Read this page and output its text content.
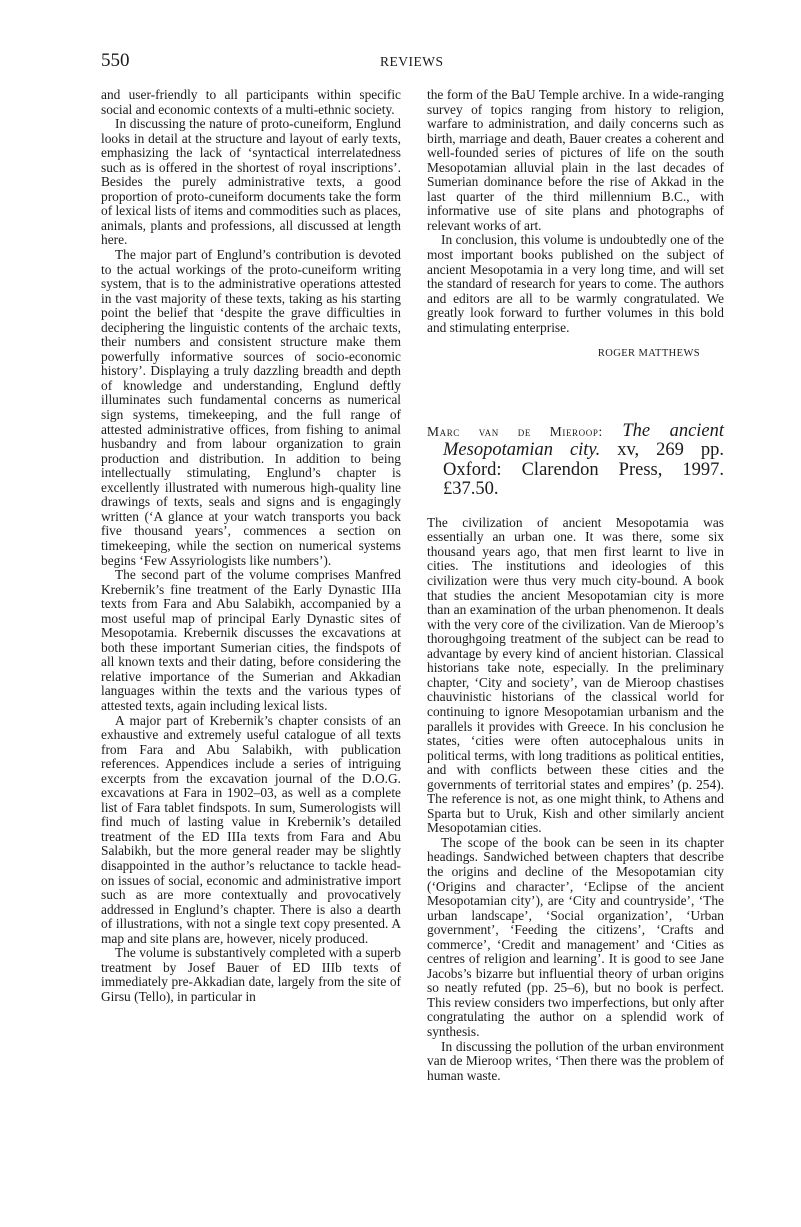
550	REVIEWS

and user-friendly to all participants within specific social and economic contexts of a multi-ethnic society.

In discussing the nature of proto-cuneiform, Englund looks in detail at the structure and layout of early texts, emphasizing the lack of ‘syntactical interrelatedness such as is offered in the shortest of royal inscriptions’. Besides the purely administrative texts, a good proportion of proto-cuneiform documents take the form of lexical lists of items and commodities such as places, animals, plants and professions, all discussed at length here.

The major part of Englund’s contribution is devoted to the actual workings of the proto-cuneiform writing system, that is to the administrative operations attested in the vast majority of these texts, taking as his starting point the belief that ‘despite the grave difficulties in deciphering the linguistic contents of the archaic texts, their numbers and consistent structure make them powerfully informative sources of socio-economic history’. Displaying a truly dazzling breadth and depth of knowledge and understanding, Englund deftly illuminates such fundamental concerns as numerical sign systems, timekeeping, and the full range of attested administrative offices, from fishing to animal husbandry and from labour organization to grain production and distribution. In addition to being intellectually stimulating, Englund’s chapter is excellently illustrated with numerous high-quality line drawings of texts, seals and signs and is engagingly written (‘A glance at your watch transports you back five thousand years’, commences a section on timekeeping, while the section on numerical systems begins ‘Few Assyriologists like numbers’).

The second part of the volume comprises Manfred Krebernik’s fine treatment of the Early Dynastic IIIa texts from Fara and Abu Salabikh, accompanied by a most useful map of principal Early Dynastic sites of Mesopotamia. Krebernik discusses the excavations at both these important Sumerian cities, the findspots of all known texts and their dating, before considering the relative importance of the Sumerian and Akkadian languages within the texts and the various types of attested texts, again including lexical lists.

A major part of Krebernik’s chapter consists of an exhaustive and extremely useful catalogue of all texts from Fara and Abu Salabikh, with publication references. Appendices include a series of intriguing excerpts from the excavation journal of the D.O.G. excavations at Fara in 1902–03, as well as a complete list of Fara tablet findspots. In sum, Sumerologists will find much of lasting value in Krebernik’s detailed treatment of the ED IIIa texts from Fara and Abu Salabikh, but the more general reader may be slightly disappointed in the author’s reluctance to tackle head-on issues of social, economic and administrative import such as are more contextually and provocatively addressed in Englund’s chapter. There is also a dearth of illustrations, with not a single text copy presented. A map and site plans are, however, nicely produced.

The volume is substantively completed with a superb treatment by Josef Bauer of ED IIIb texts of immediately pre-Akkadian date, largely from the site of Girsu (Tello), in particular in

the form of the BaU Temple archive. In a wide-ranging survey of topics ranging from history to religion, warfare to administration, and daily concerns such as birth, marriage and death, Bauer creates a coherent and well-founded series of pictures of life on the south Mesopotamian alluvial plain in the last decades of Sumerian dominance before the rise of Akkad in the last quarter of the third millennium B.C., with informative use of site plans and photographs of relevant works of art.

In conclusion, this volume is undoubtedly one of the most important books published on the subject of ancient Mesopotamia in a very long time, and will set the standard of research for years to come. The authors and editors are all to be warmly congratulated. We greatly look forward to further volumes in this bold and stimulating enterprise.

ROGER MATTHEWS
Marc van de Mieroop: The ancient Mesopotamian city. xv, 269 pp. Oxford: Clarendon Press, 1997. £37.50.

The civilization of ancient Mesopotamia was essentially an urban one. It was there, some six thousand years ago, that men first learnt to live in cities. The institutions and ideologies of this civilization were thus very much city-bound. A book that studies the ancient Mesopotamian city is more than an examination of the urban phenomenon. It deals with the very core of the civilization. Van de Mieroop’s thoroughgoing treatment of the subject can be read to advantage by every kind of ancient historian. Classical historians take note, especially. In the preliminary chapter, ‘City and society’, van de Mieroop chastises chauvinistic historians of the classical world for continuing to ignore Mesopotamian urbanism and the parallels it provides with Greece. In his conclusion he states, ‘cities were often autocephalous units in political terms, with long traditions as political entities, and with conflicts between these cities and the governments of territorial states and empires’ (p. 254). The reference is not, as one might think, to Athens and Sparta but to Uruk, Kish and other similarly ancient Mesopotamian cities.

The scope of the book can be seen in its chapter headings. Sandwiched between chapters that describe the origins and decline of the Mesopotamian city (‘Origins and character’, ‘Eclipse of the ancient Mesopotamian city’), are ‘City and countryside’, ‘The urban landscape’, ‘Social organization’, ‘Urban government’, ‘Feeding the citizens’, ‘Crafts and commerce’, ‘Credit and management’ and ‘Cities as centres of religion and learning’. It is good to see Jane Jacobs’s bizarre but influential theory of urban origins so neatly refuted (pp. 25–6), but no book is perfect. This review considers two imperfections, but only after congratulating the author on a splendid work of synthesis.

In discussing the pollution of the urban environment van de Mieroop writes, ‘Then there was the problem of human waste.
